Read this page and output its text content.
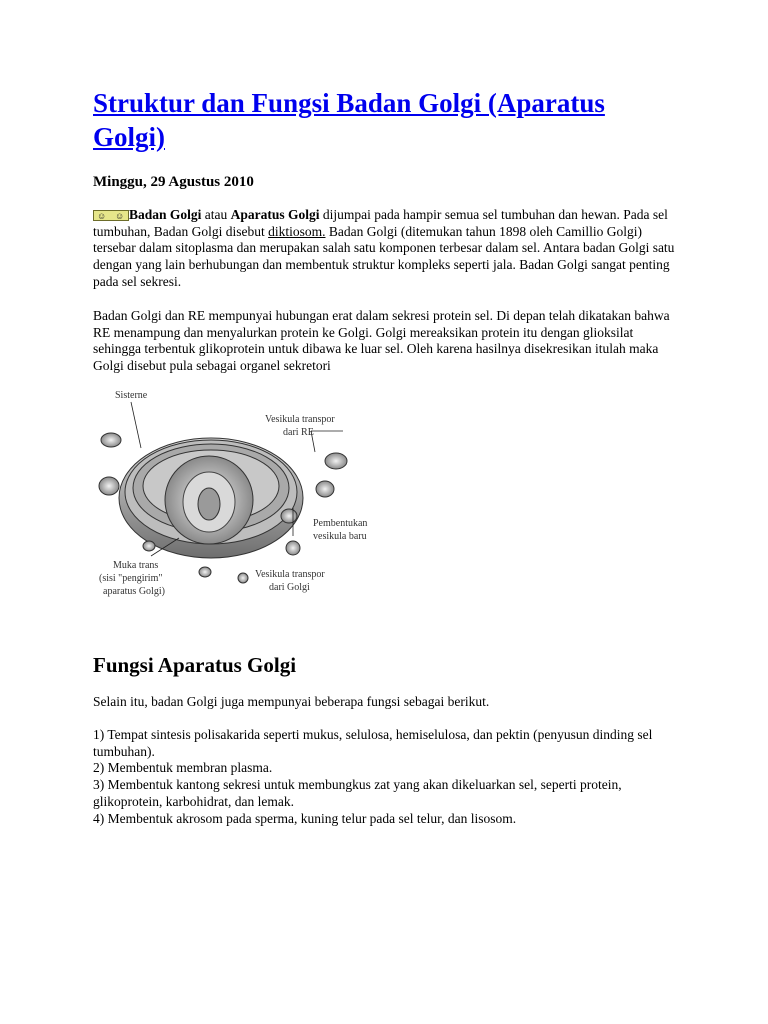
Struktur dan Fungsi Badan Golgi (Aparatus Golgi)

Minggu, 29 Agustus 2010

☺ ☺ Badan Golgi atau Aparatus Golgi dijumpai pada hampir semua sel tumbuhan dan hewan. Pada sel tumbuhan, Badan Golgi disebut diktiosom. Badan Golgi (ditemukan tahun 1898 oleh Camillio Golgi) tersebar dalam sitoplasma dan merupakan salah satu komponen terbesar dalam sel. Antara badan Golgi satu dengan yang lain berhubungan dan membentuk struktur kompleks seperti jala. Badan Golgi sangat penting pada sel sekresi.

Badan Golgi dan RE mempunyai hubungan erat dalam sekresi protein sel. Di depan telah dikatakan bahwa RE menampung dan menyalurkan protein ke Golgi. Golgi mereaksikan protein itu dengan glioksilat sehingga terbentuk glikoprotein untuk dibawa ke luar sel. Oleh karena hasilnya disekresikan itulah maka Golgi disebut pula sebagai organel sekretori

Sisterne
Vesikula transpor
dari RE
Pembentukan
vesikula baru
Muka trans
(sisi "pengirim"
aparatus Golgi)
Vesikula transpor
dari Golgi
Fungsi Aparatus Golgi

Selain itu, badan Golgi juga mempunyai beberapa fungsi sebagai berikut.

1) Tempat sintesis polisakarida seperti mukus, selulosa, hemiselulosa, dan pektin (penyusun dinding sel tumbuhan).
2) Membentuk membran plasma.
3) Membentuk kantong sekresi untuk membungkus zat yang akan dikeluarkan sel, seperti protein, glikoprotein, karbohidrat, dan lemak.
4) Membentuk akrosom pada sperma, kuning telur pada sel telur, dan lisosom.
